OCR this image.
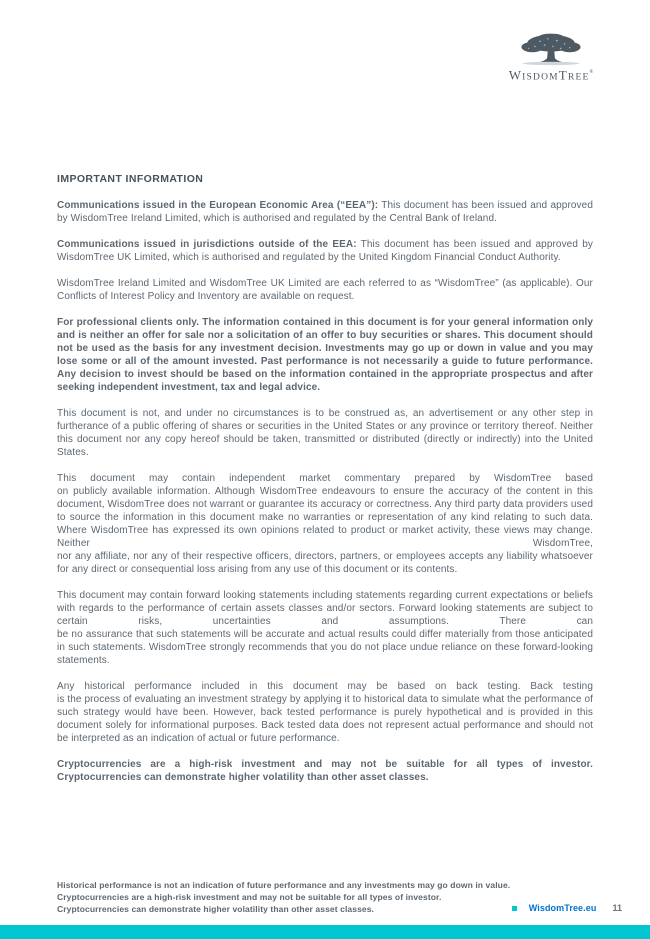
WISDOMTREE®
IMPORTANT INFORMATION

Communications issued in the European Economic Area (“EEA”): This document has been issued and approved by WisdomTree Ireland Limited, which is authorised and regulated by the Central Bank of Ireland.

Communications issued in jurisdictions outside of the EEA: This document has been issued and approved by WisdomTree UK Limited, which is authorised and regulated by the United Kingdom Financial Conduct Authority.

WisdomTree Ireland Limited and WisdomTree UK Limited are each referred to as “WisdomTree” (as applicable). Our Conflicts of Interest Policy and Inventory are available on request.

For professional clients only. The information contained in this document is for your general information only and is neither an offer for sale nor a solicitation of an offer to buy securities or shares. This document should not be used as the basis for any investment decision. Investments may go up or down in value and you may lose some or all of the amount invested. Past performance is not necessarily a guide to future performance. Any decision to invest should be based on the information contained in the appropriate prospectus and after seeking independent investment, tax and legal advice.

This document is not, and under no circumstances is to be construed as, an advertisement or any other step in furtherance of a public offering of shares or securities in the United States or any province or territory thereof. Neither this document nor any copy hereof should be taken, transmitted or distributed (directly or indirectly) into the United States.

This document may contain independent market commentary prepared by WisdomTree based
on publicly available information. Although WisdomTree endeavours to ensure the accuracy of the content in this document, WisdomTree does not warrant or guarantee its accuracy or correctness. Any third party data providers used to source the information in this document make no warranties or representation of any kind relating to such data. Where WisdomTree has expressed its own opinions related to product or market activity, these views may change. Neither WisdomTree,
nor any affiliate, nor any of their respective officers, directors, partners, or employees accepts any liability whatsoever for any direct or consequential loss arising from any use of this document or its contents.

This document may contain forward looking statements including statements regarding current expectations or beliefs with regards to the performance of certain assets classes and/or sectors. Forward looking statements are subject to certain risks, uncertainties and assumptions. There can
be no assurance that such statements will be accurate and actual results could differ materially from those anticipated in such statements. WisdomTree strongly recommends that you do not place undue reliance on these forward-looking statements.

Any historical performance included in this document may be based on back testing. Back testing
is the process of evaluating an investment strategy by applying it to historical data to simulate what the performance of such strategy would have been. However, back tested performance is purely hypothetical and is provided in this document solely for informational purposes. Back tested data does not represent actual performance and should not be interpreted as an indication of actual or future performance.

Cryptocurrencies are a high-risk investment and may not be suitable for all types of investor.
Cryptocurrencies can demonstrate higher volatility than other asset classes.

Historical performance is not an indication of future performance and any investments may go down in value.
Cryptocurrencies are a high-risk investment and may not be suitable for all types of investor.
Cryptocurrencies can demonstrate higher volatility than other asset classes.	WisdomTree.eu 11
